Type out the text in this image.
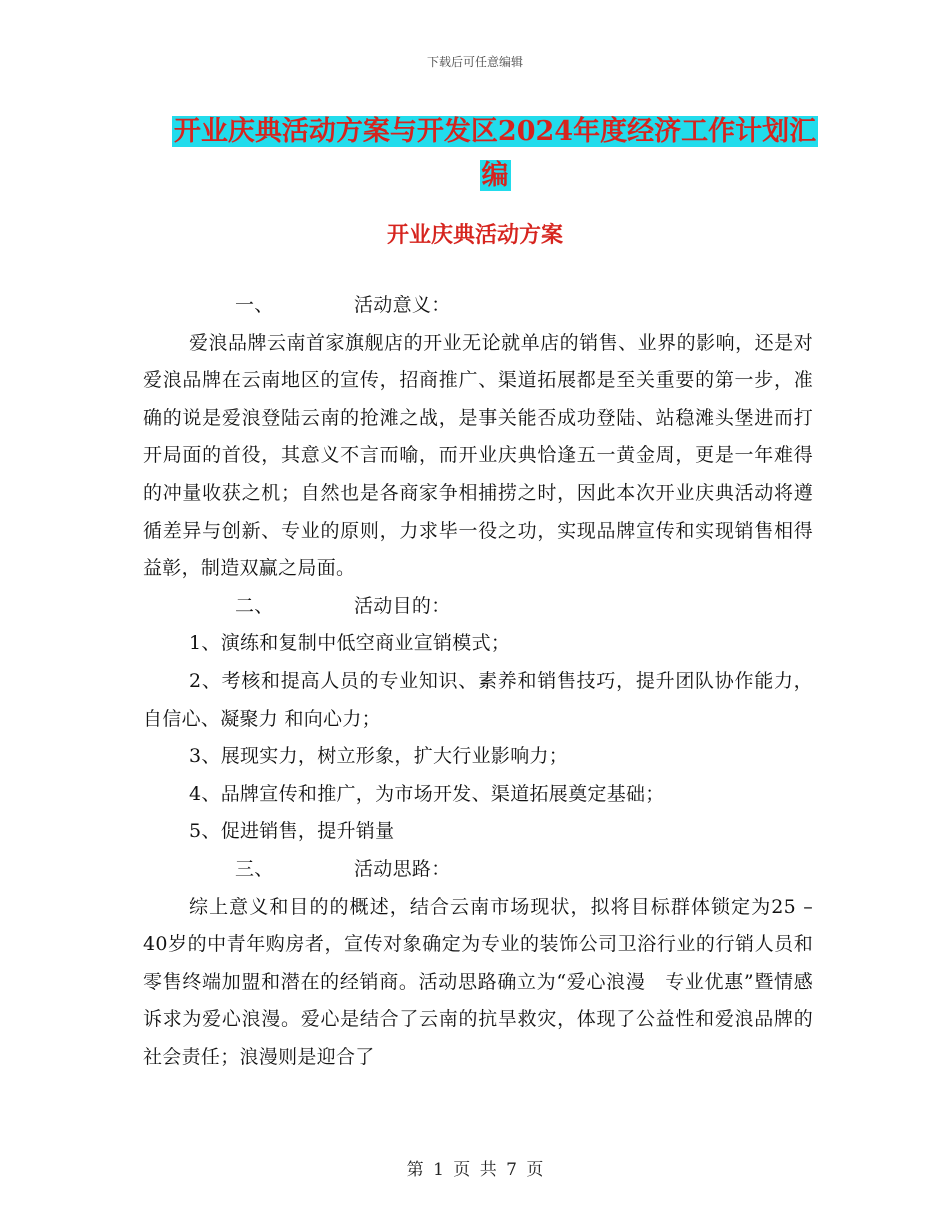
下载后可任意编辑
开业庆典活动方案与开发区2024年度经济工作计划汇
编
开业庆典活动方案

一、	活动意义：

爱浪品牌云南首家旗舰店的开业无论就单店的销售、业界的影响，还是对爱浪品牌在云南地区的宣传，招商推广、渠道拓展都是至关重要的第一步，准确的说是爱浪登陆云南的抢滩之战，是事关能否成功登陆、站稳滩头堡进而打开局面的首役，其意义不言而喻，而开业庆典恰逢五一黄金周，更是一年难得的冲量收获之机；自然也是各商家争相捕捞之时，因此本次开业庆典活动将遵循差异与创新、专业的原则，力求毕一役之功，实现品牌宣传和实现销售相得益彰，制造双赢之局面。

二、	活动目的：

1、演练和复制中低空商业宣销模式；

2、考核和提高人员的专业知识、素养和销售技巧，提升团队协作能力，自信心、凝聚力 和向心力；

3、展现实力，树立形象，扩大行业影响力；

4、品牌宣传和推广，为市场开发、渠道拓展奠定基础；

5、促进销售，提升销量

三、	活动思路：

综上意义和目的的概述，结合云南市场现状，拟将目标群体锁定为25 – 40岁的中青年购房者，宣传对象确定为专业的装饰公司卫浴行业的行销人员和零售终端加盟和潜在的经销商。活动思路确立为“爱心浪漫　专业优惠”暨情感诉求为爱心浪漫。爱心是结合了云南的抗旱救灾，体现了公益性和爱浪品牌的社会责任；浪漫则是迎合了

第 1 页 共 7 页
